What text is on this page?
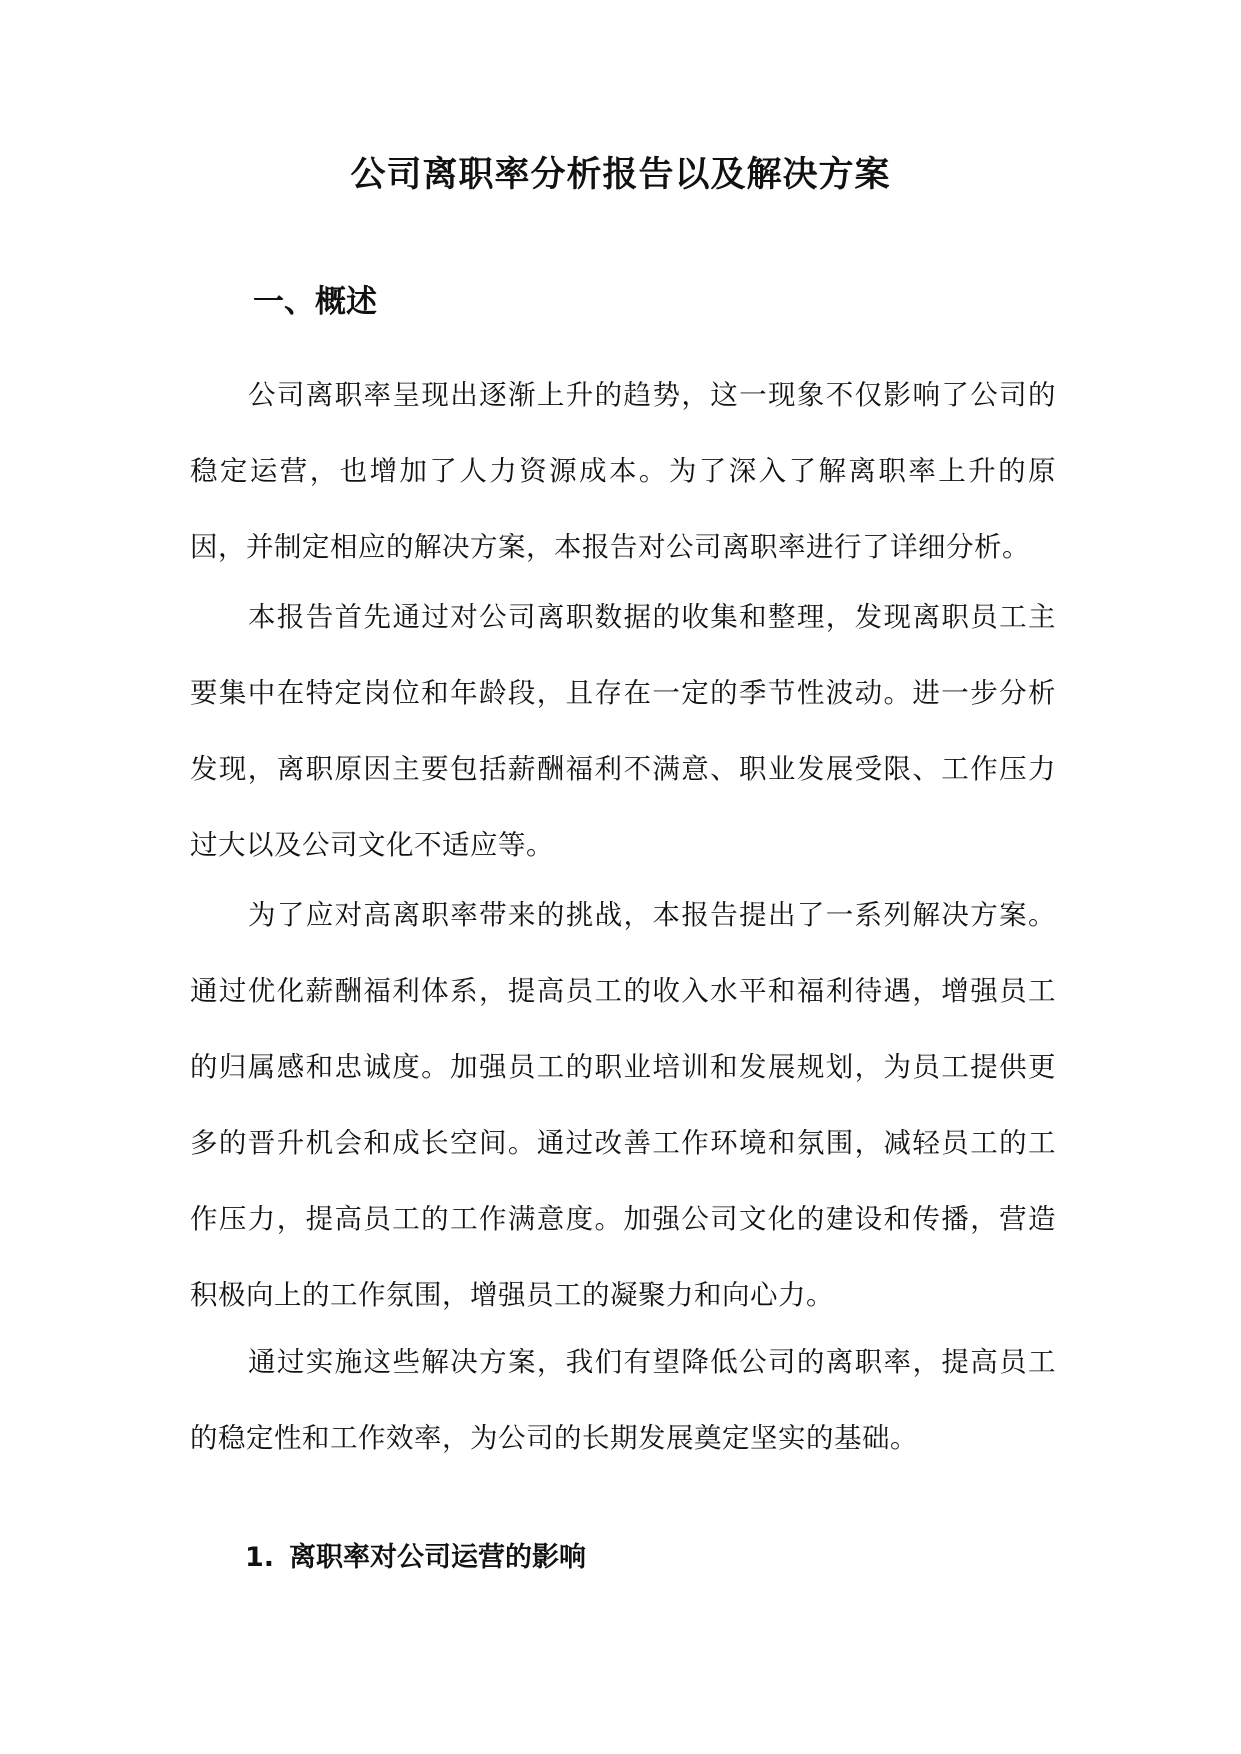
公司离职率分析报告以及解决方案
一、概述

公司离职率呈现出逐渐上升的趋势，这一现象不仅影响了公司的稳定运营，也增加了人力资源成本。为了深入了解离职率上升的原因，并制定相应的解决方案，本报告对公司离职率进行了详细分析。

本报告首先通过对公司离职数据的收集和整理，发现离职员工主要集中在特定岗位和年龄段，且存在一定的季节性波动。进一步分析发现，离职原因主要包括薪酬福利不满意、职业发展受限、工作压力过大以及公司文化不适应等。

为了应对高离职率带来的挑战，本报告提出了一系列解决方案。通过优化薪酬福利体系，提高员工的收入水平和福利待遇，增强员工的归属感和忠诚度。加强员工的职业培训和发展规划，为员工提供更多的晋升机会和成长空间。通过改善工作环境和氛围，减轻员工的工作压力，提高员工的工作满意度。加强公司文化的建设和传播，营造积极向上的工作氛围，增强员工的凝聚力和向心力。

通过实施这些解决方案，我们有望降低公司的离职率，提高员工的稳定性和工作效率，为公司的长期发展奠定坚实的基础。

1. 离职率对公司运营的影响
